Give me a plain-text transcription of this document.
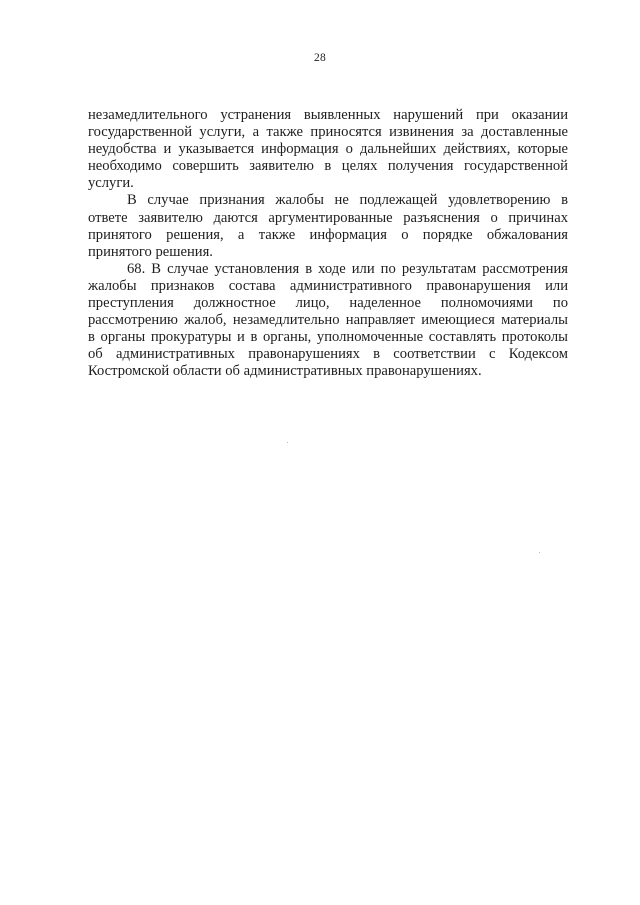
28
незамедлительного устранения выявленных нарушений при оказании
государственной услуги, а также приносятся извинения за доставленные
неудобства и указывается информация о дальнейших действиях, которые
необходимо совершить заявителю в целях получения государственной
услуги.
В случае признания жалобы не подлежащей удовлетворению в
ответе заявителю даются аргументированные разъяснения о причинах
принятого решения, а также информация о порядке обжалования
принятого решения.
68. В случае установления в ходе или по результатам рассмотрения
жалобы признаков состава административного правонарушения или
преступления должностное лицо, наделенное полномочиями по
рассмотрению жалоб, незамедлительно направляет имеющиеся материалы
в органы прокуратуры и в органы, уполномоченные составлять протоколы
об административных правонарушениях в соответствии с Кодексом
Костромской области об административных правонарушениях.
